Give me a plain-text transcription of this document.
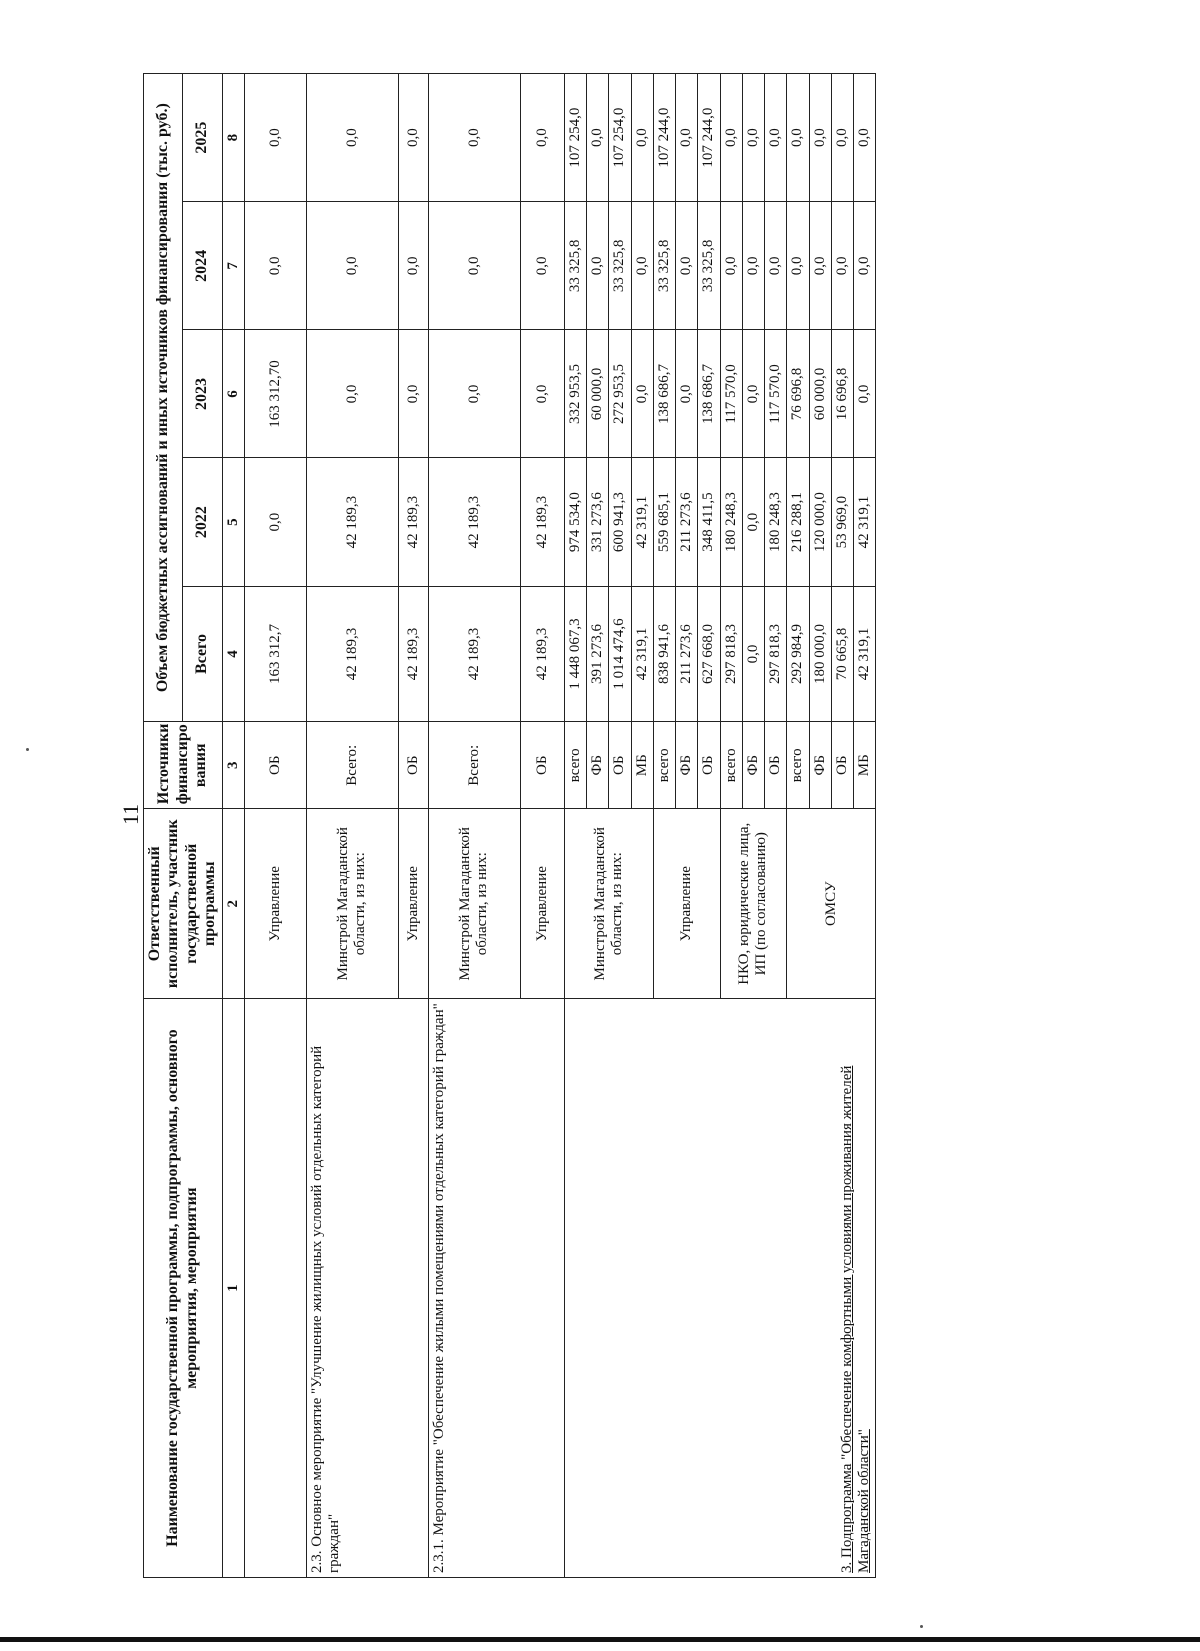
11
Наименование государственной программы, подпрограммы, основного мероприятия, мероприятия	Ответственный исполнитель, участник государственной программы	Источники финансиро вания	Объем бюджетных ассигнований и иных источников финансирования (тыс. руб.)				
			Всего	2022	2023	2024	2025
1	2	3	4	5	6	7	8
	Управление	ОБ	163 312,7	0,0	163 312,70	0,0	0,0
2.3. Основное мероприятие "Улучшение жилищных условий отдельных категорий граждан"	Минстрой Магаданской области, из них:	Всего:	42 189,3	42 189,3	0,0	0,0	0,0
	Управление	ОБ	42 189,3	42 189,3	0,0	0,0	0,0
2.3.1. Мероприятие "Обеспечение жилыми помещениями отдельных категорий граждан"	Минстрой Магаданской области, из них:	Всего:	42 189,3	42 189,3	0,0	0,0	0,0
	Управление	ОБ	42 189,3	42 189,3	0,0	0,0	0,0
3. Подпрограмма "Обеспечение комфортными условиями проживания жителей Магаданской области"	Минстрой Магаданской области, из них:	всего	1 448 067,3	974 534,0	332 953,5	33 325,8	107 254,0
		ФБ	391 273,6	331 273,6	60 000,0	0,0	0,0
		ОБ	1 014 474,6	600 941,3	272 953,5	33 325,8	107 254,0
		МБ	42 319,1	42 319,1	0,0	0,0	0,0
	Управление	всего	838 941,6	559 685,1	138 686,7	33 325,8	107 244,0
		ФБ	211 273,6	211 273,6	0,0	0,0	0,0
		ОБ	627 668,0	348 411,5	138 686,7	33 325,8	107 244,0
	НКО, юридические лица, ИП (по согласованию)	всего	297 818,3	180 248,3	117 570,0	0,0	0,0
		ФБ	0,0	0,0	0,0	0,0	0,0
		ОБ	297 818,3	180 248,3	117 570,0	0,0	0,0
	ОМСУ	всего	292 984,9	216 288,1	76 696,8	0,0	0,0
		ФБ	180 000,0	120 000,0	60 000,0	0,0	0,0
		ОБ	70 665,8	53 969,0	16 696,8	0,0	0,0
		МБ	42 319,1	42 319,1	0,0	0,0	0,0
